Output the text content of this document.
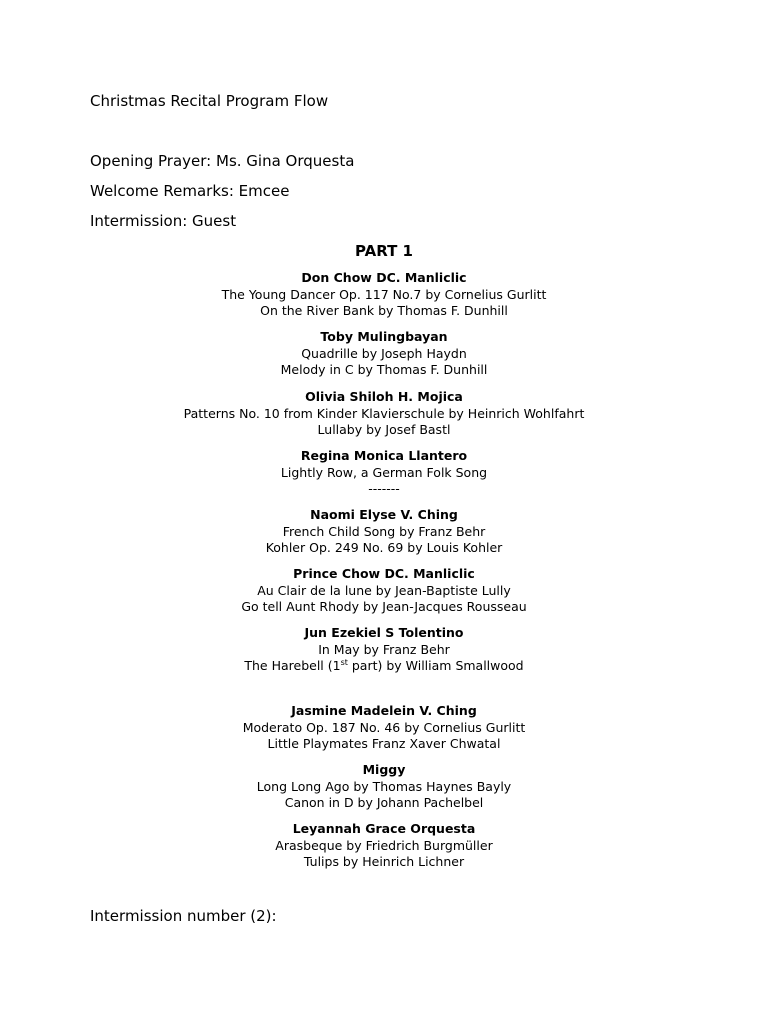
Christmas Recital Program Flow
Opening Prayer: Ms. Gina Orquesta
Welcome Remarks: Emcee
Intermission: Guest
PART 1
Don Chow DC. Manliclic
The Young Dancer Op. 117 No.7 by Cornelius Gurlitt
On the River Bank by Thomas F. Dunhill
Toby Mulingbayan
Quadrille by Joseph Haydn
Melody in C by Thomas F. Dunhill
Olivia Shiloh H. Mojica
Patterns No. 10 from Kinder Klavierschule by Heinrich Wohlfahrt
Lullaby by Josef Bastl
Regina Monica Llantero
Lightly Row, a German Folk Song
-------
Naomi Elyse V. Ching
French Child Song by Franz Behr
Kohler Op. 249 No. 69 by Louis Kohler
Prince Chow DC. Manliclic
Au Clair de la lune by Jean-Baptiste Lully
Go tell Aunt Rhody by Jean-Jacques Rousseau
Jun Ezekiel S Tolentino
In May by Franz Behr
The Harebell (1st part) by William Smallwood
Jasmine Madelein V. Ching
Moderato Op. 187 No. 46 by Cornelius Gurlitt
Little Playmates Franz Xaver Chwatal
Miggy
Long Long Ago by Thomas Haynes Bayly
Canon in D by Johann Pachelbel
Leyannah Grace Orquesta
Arasbeque by Friedrich Burgmüller
Tulips by Heinrich Lichner
Intermission number (2):
